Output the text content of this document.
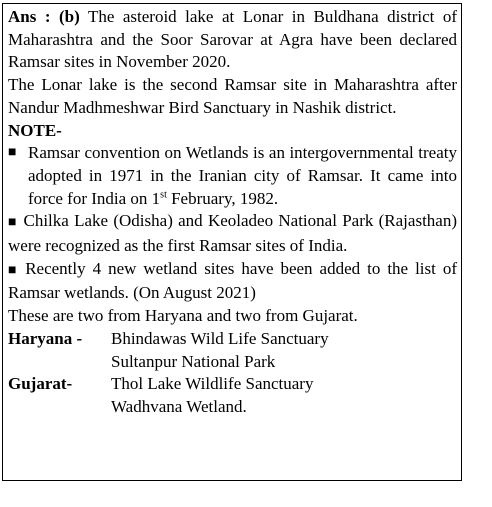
Ans : (b) The asteroid lake at Lonar in Buldhana district of Maharashtra and the Soor Sarovar at Agra have been declared Ramsar sites in November 2020.

The Lonar lake is the second Ramsar site in Maharashtra after Nandur Madhmeshwar Bird Sanctuary in Nashik district.

NOTE-

■ Ramsar convention on Wetlands is an intergovernmental treaty adopted in 1971 in the Iranian city of Ramsar. It came into force for India on 1st February, 1982.

■ Chilka Lake (Odisha) and Keoladeo National Park (Rajasthan) were recognized as the first Ramsar sites of India.

■ Recently 4 new wetland sites have been added to the list of Ramsar wetlands. (On August 2021)

These are two from Haryana and two from Gujarat.

Haryana -	Bhindawas Wild Life Sanctuary
Sultanpur National Park
Gujarat-	Thol Lake Wildlife Sanctuary
Wadhvana Wetland.
